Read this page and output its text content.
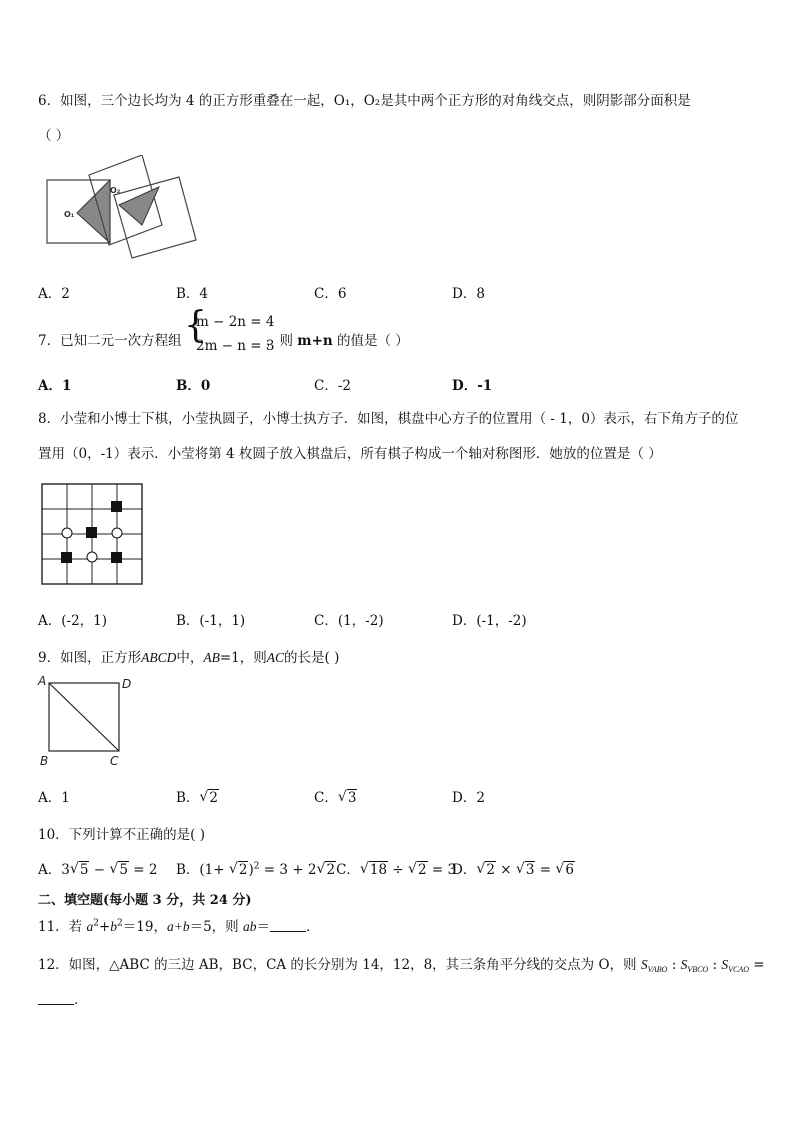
6．如图，三个边长均为 4 的正方形重叠在一起，O₁，O₂是其中两个正方形的对角线交点，则阴影部分面积是
（ ）
O₁
O₂
A．2	B．4	C．6	D．8
7．已知二元一次方程组 {
m − 2n = 4
2m − n = 3
，则 m+n 的值是（ ）
A．1	B．0	C．-2	D．-1
8．小莹和小博士下棋，小莹执圆子，小博士执方子．如图，棋盘中心方子的位置用（ - 1，0）表示，右下角方子的位
置用（0，-1）表示．小莹将第 4 枚圆子放入棋盘后，所有棋子构成一个轴对称图形．她放的位置是（ ）
A．(-2，1)	B．(-1，1)	C．(1，-2)	D．(-1，-2)
9．如图，正方形ABCD中，AB=1，则AC的长是( )
A	D
B	C
A．1	B． √ 2	C． √ 3	D．2
10．下列计算不正确的是( )
A．3 √ 5 − √ 5 = 2 B．(1+ √ 2)$^2$ = 3 + 2 √ 2C． √ 18 ÷ √ 2 = 3
D． √ 2 × √ 3 = √ 6
二、填空题(每小题 3 分，共 24 分)
11．若 $a^2+b^2=19$，a+b＝5，则 ab＝	．
12．如图，△ABC 的三边 AB，BC，CA 的长分别为 14，12，8，其三条角平分线的交点为 O，则 $S_{VABO}$ : $S_{VBCO}$ : $S_{VCAO}$ =
．
